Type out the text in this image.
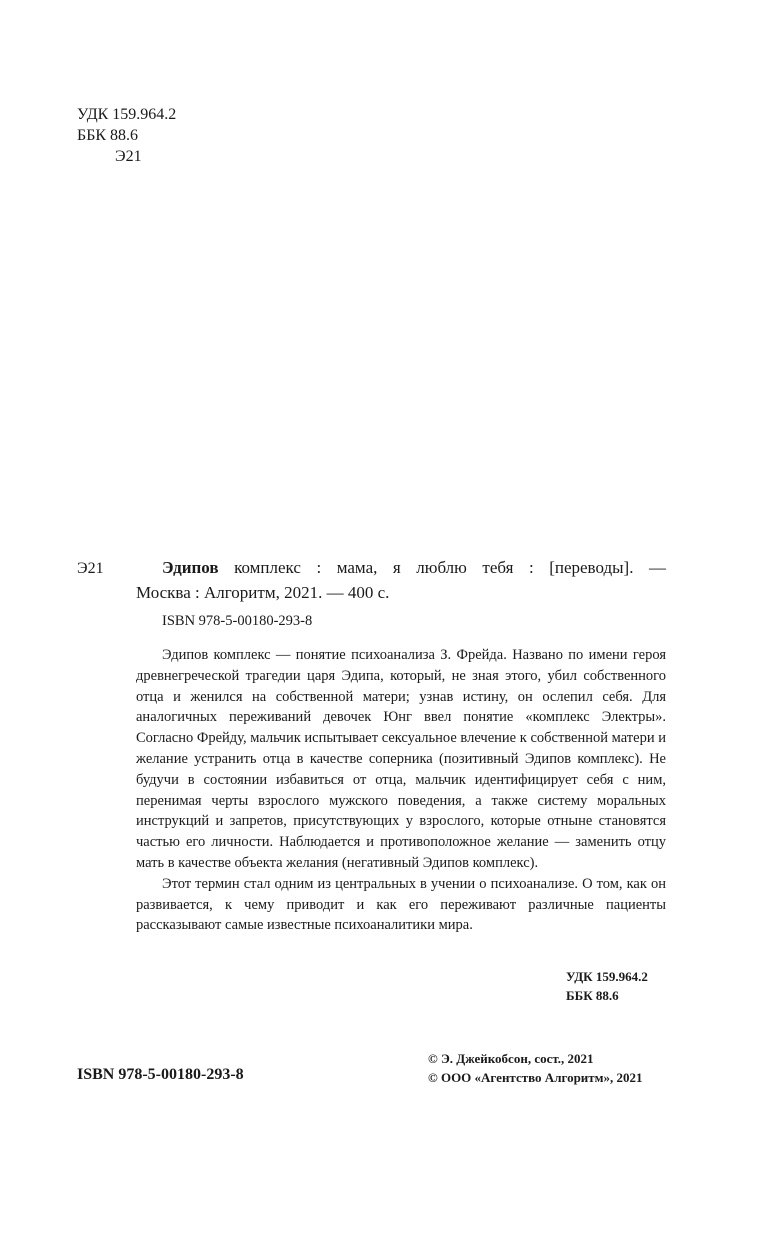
УДК 159.964.2
ББК 88.6
Э21
Э21	Эдипов комплекс : мама, я люблю тебя : [переводы]. —
Москва : Алгоритм, 2021. — 400 с.
ISBN 978-5-00180-293-8

Эдипов комплекс — понятие психоанализа З. Фрейда. Названо по имени героя древнегреческой трагедии царя Эдипа, который, не зная этого, убил собственного отца и женился на собственной матери; узнав истину, он ослепил себя. Для аналогичных переживаний девочек Юнг ввел понятие «комплекс Электры». Согласно Фрейду, мальчик испытывает сексуальное влечение к собственной матери и желание устранить отца в качестве соперника (позитивный Эдипов комплекс). Не будучи в состоянии избавиться от отца, мальчик идентифицирует себя с ним, перенимая черты взрослого мужского поведения, а также систему моральных инструкций и запретов, присутствующих у взрослого, которые отныне становятся частью его личности. Наблюдается и противоположное желание — заменить отцу мать в качестве объекта желания (негативный Эдипов комплекс).

Этот термин стал одним из центральных в учении о психоанализе. О том, как он развивается, к чему приводит и как его переживают различные пациенты рассказывают самые известные психоаналитики мира.

УДК 159.964.2
ББК 88.6
ISBN 978-5-00180-293-8
© Э. Джейкобсон, сост., 2021
© ООО «Агентство Алгоритм», 2021
